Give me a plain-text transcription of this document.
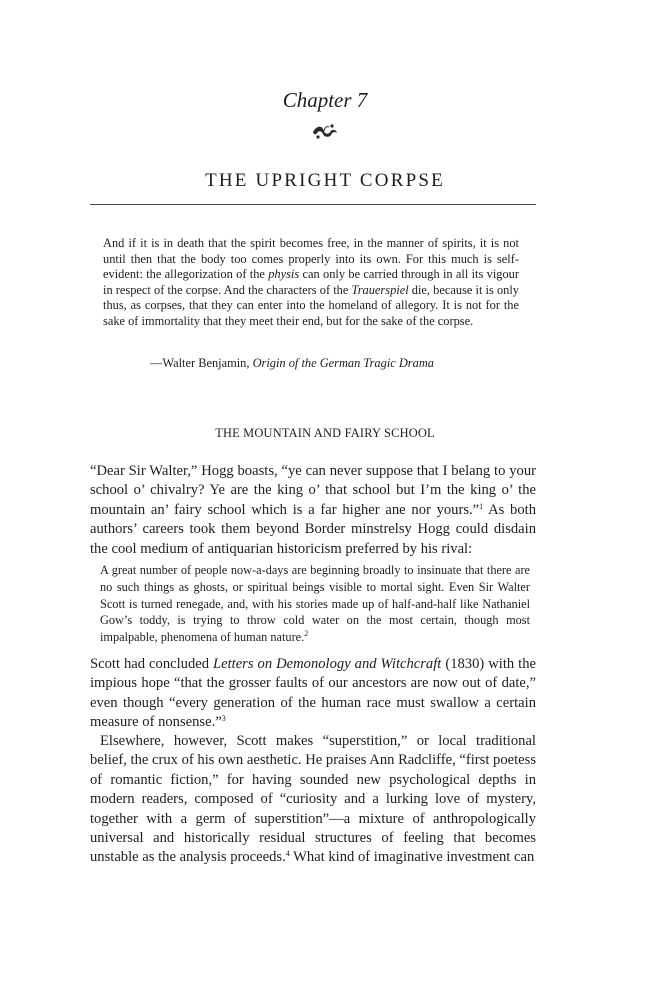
Chapter 7
THE UPRIGHT CORPSE

And if it is in death that the spirit becomes free, in the manner of spirits, it is not until then that the body too comes properly into its own. For this much is self-evident: the allegorization of the physis can only be carried through in all its vigour in respect of the corpse. And the characters of the Trauerspiel die, because it is only thus, as corpses, that they can enter into the homeland of allegory. It is not for the sake of immortality that they meet their end, but for the sake of the corpse.

—Walter Benjamin, Origin of the German Tragic Drama

THE MOUNTAIN AND FAIRY SCHOOL

“Dear Sir Walter,” Hogg boasts, “ye can never suppose that I belang to your school o’ chivalry? Ye are the king o’ that school but I’m the king o’ the mountain an’ fairy school which is a far higher ane nor yours.”$^1$ As both authors’ careers took them beyond Border minstrelsy Hogg could disdain the cool medium of antiquarian historicism preferred by his rival:

A great number of people now-a-days are beginning broadly to insinuate that there are no such things as ghosts, or spiritual beings visible to mortal sight. Even Sir Walter Scott is turned renegade, and, with his stories made up of half-and-half like Nathaniel Gow’s toddy, is trying to throw cold water on the most certain, though most impalpable, phenomena of human nature.$^2$

Scott had concluded Letters on Demonology and Witchcraft (1830) with the impious hope “that the grosser faults of our ancestors are now out of date,” even though “every generation of the human race must swallow a certain measure of nonsense.”$^3$

Elsewhere, however, Scott makes “superstition,” or local traditional belief, the crux of his own aesthetic. He praises Ann Radcliffe, “first poetess of romantic fiction,” for having sounded new psychological depths in modern readers, composed of “curiosity and a lurking love of mystery, together with a germ of superstition”—a mixture of anthropologically universal and historically residual structures of feeling that becomes unstable as the analysis proceeds.$^4$ What kind of imaginative investment can
